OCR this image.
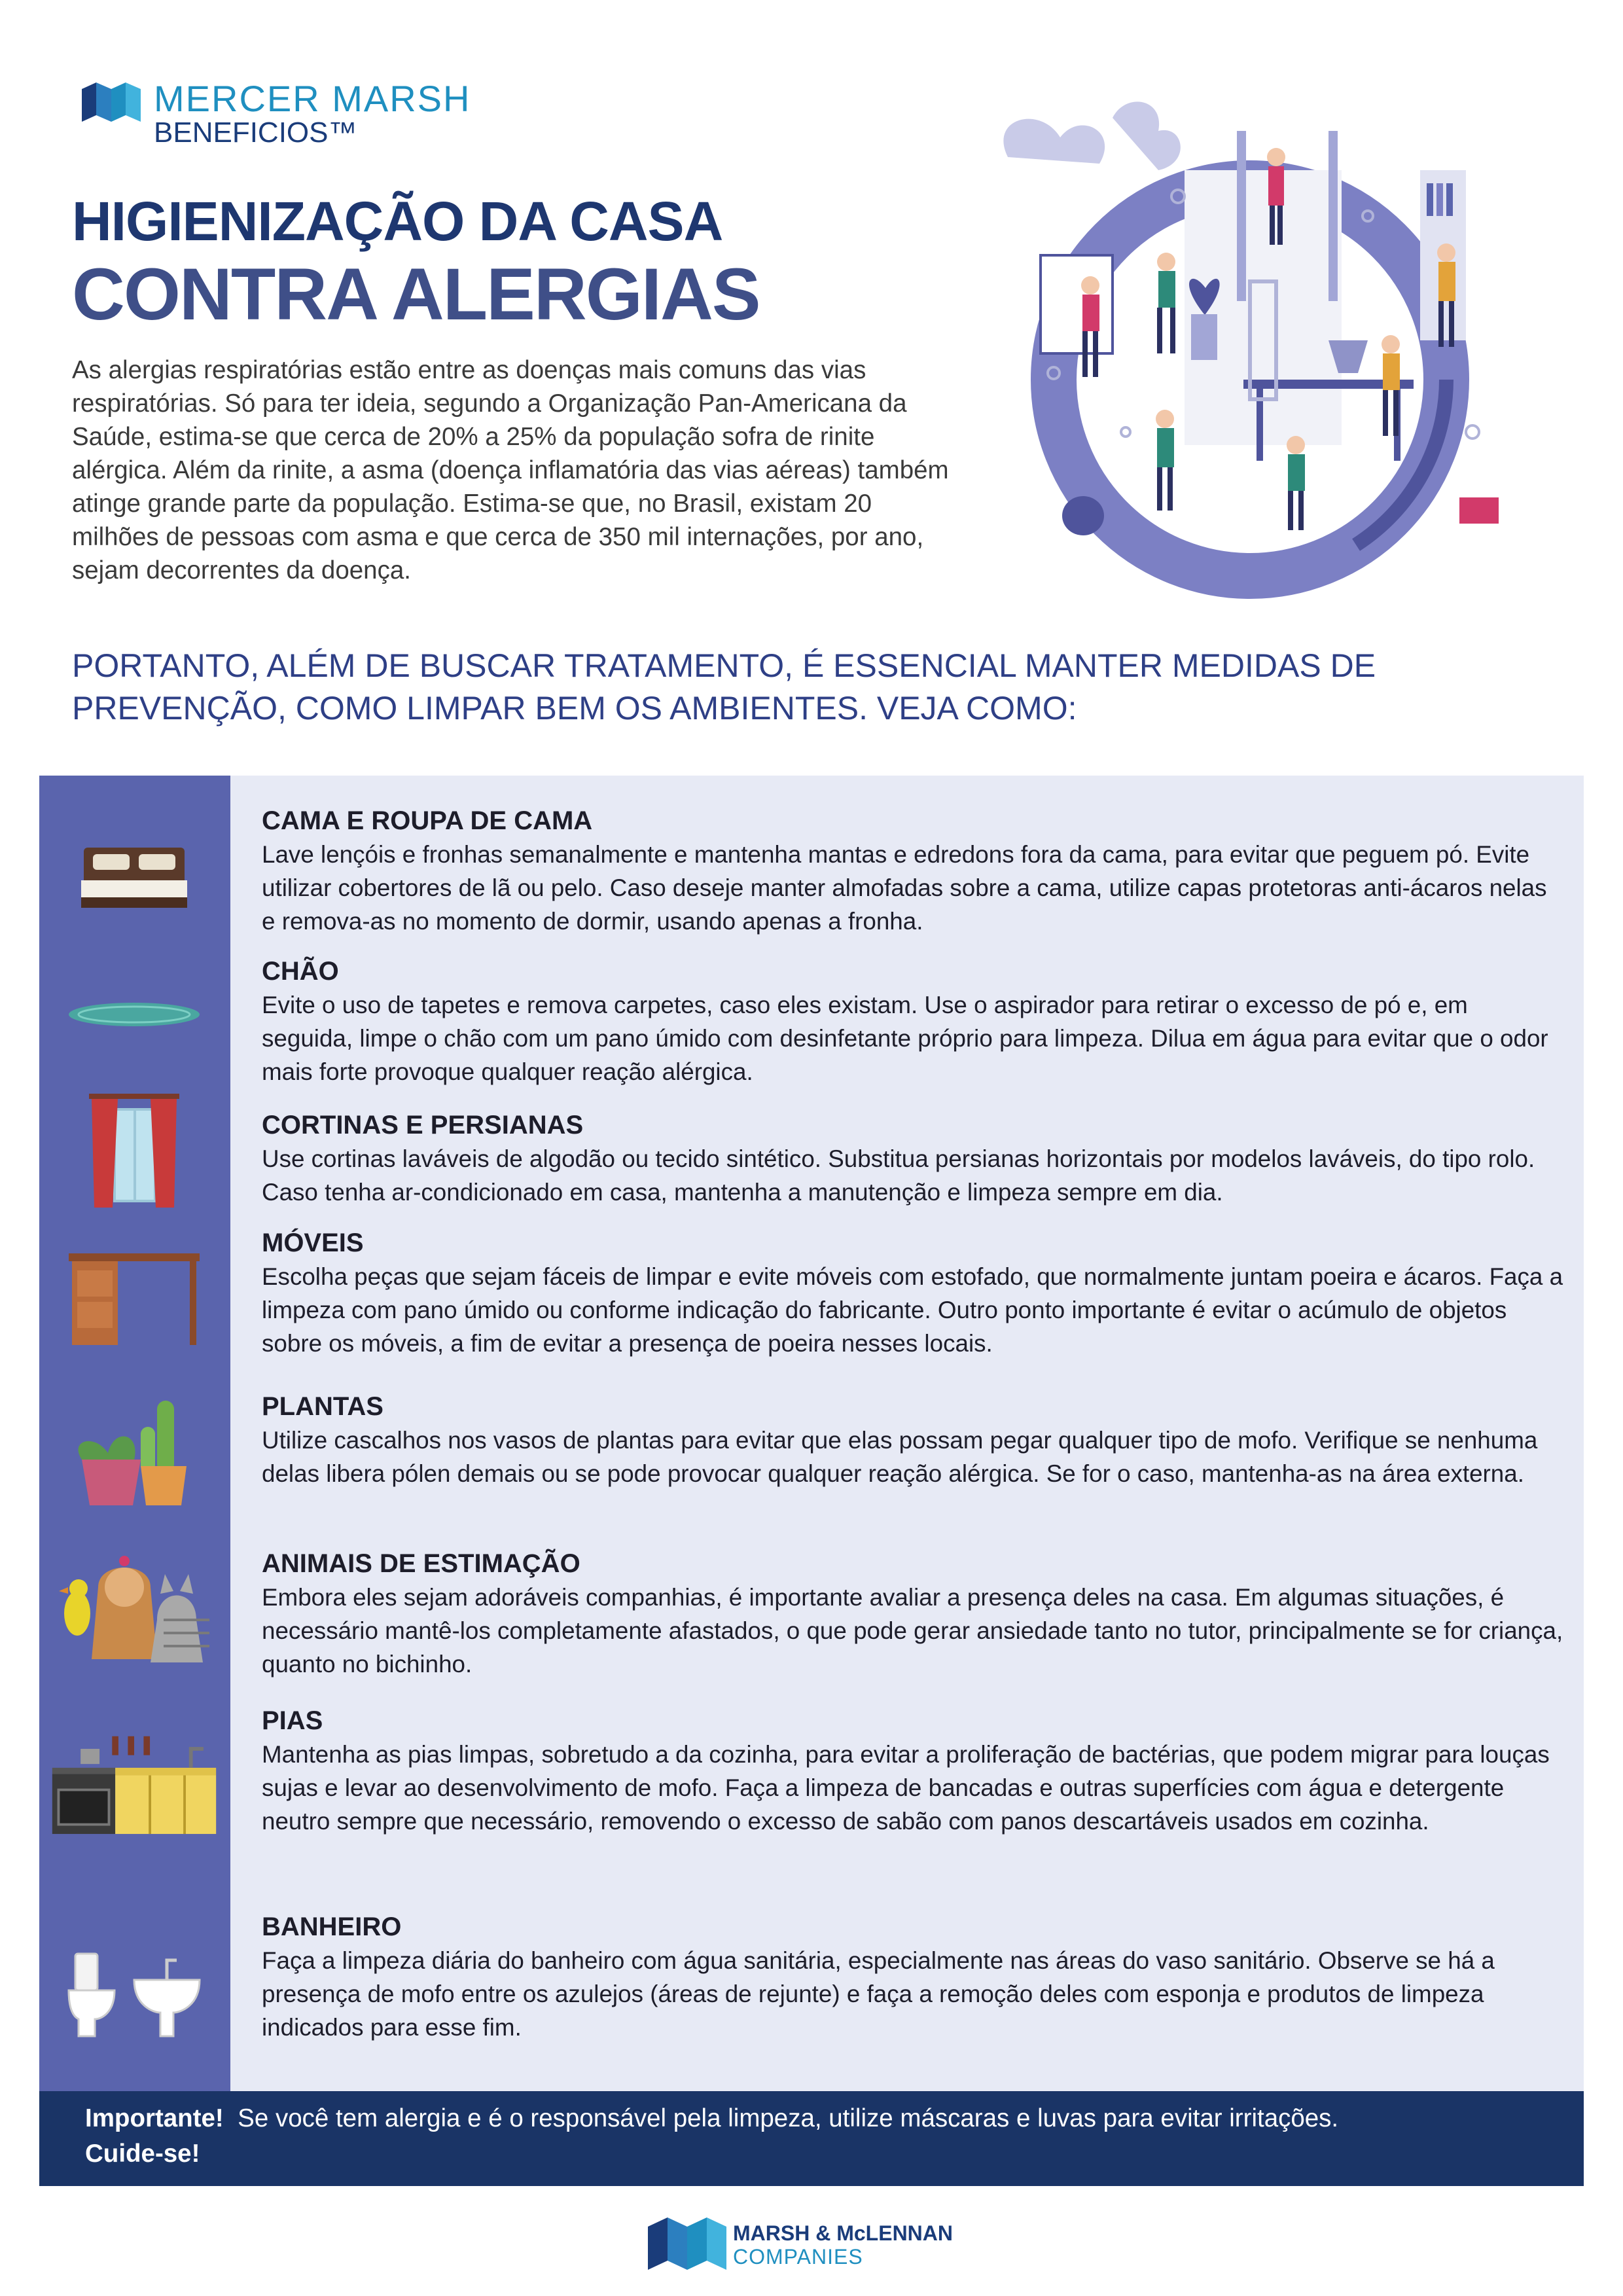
MERCER MARSH
BENEFICIOS™
HIGIENIZAÇÃO DA CASA
CONTRA ALERGIAS
As alergias respiratórias estão entre as doenças mais comuns das vias respiratórias. Só para ter ideia, segundo a Organização Pan-Americana da Saúde, estima-se que cerca de 20% a 25% da população sofra de rinite alérgica. Além da rinite, a asma (doença inflamatória das vias aéreas) também atinge grande parte da população. Estima-se que, no Brasil, existam 20 milhões de pessoas com asma e que cerca de 350 mil internações, por ano, sejam decorrentes da doença.
PORTANTO, ALÉM DE BUSCAR TRATAMENTO, É ESSENCIAL MANTER MEDIDAS DE PREVENÇÃO, COMO LIMPAR BEM OS AMBIENTES. VEJA COMO:
CAMA E ROUPA DE CAMA

Lave lençóis e fronhas semanalmente e mantenha mantas e edredons fora da cama, para evitar que peguem pó. Evite utilizar cobertores de lã ou pelo. Caso deseje manter almofadas sobre a cama, utilize capas protetoras anti-ácaros nelas e remova-as no momento de dormir, usando apenas a fronha.

CHÃO

Evite o uso de tapetes e remova carpetes, caso eles existam. Use o aspirador para retirar o excesso de pó e, em seguida, limpe o chão com um pano úmido com desinfetante próprio para limpeza. Dilua em água para evitar que o odor mais forte provoque qualquer reação alérgica.

CORTINAS E PERSIANAS

Use cortinas laváveis de algodão ou tecido sintético. Substitua persianas horizontais por modelos laváveis, do tipo rolo. Caso tenha ar-condicionado em casa, mantenha a manutenção e limpeza sempre em dia.

MÓVEIS

Escolha peças que sejam fáceis de limpar e evite móveis com estofado, que normalmente juntam poeira e ácaros. Faça a limpeza com pano úmido ou conforme indicação do fabricante. Outro ponto importante é evitar o acúmulo de objetos sobre os móveis, a fim de evitar a presença de poeira nesses locais.

PLANTAS

Utilize cascalhos nos vasos de plantas para evitar que elas possam pegar qualquer tipo de mofo. Verifique se nenhuma delas libera pólen demais ou se pode provocar qualquer reação alérgica. Se for o caso, mantenha-as na área externa.

ANIMAIS DE ESTIMAÇÃO

Embora eles sejam adoráveis companhias, é importante avaliar a presença deles na casa. Em algumas situações, é necessário mantê-los completamente afastados, o que pode gerar ansiedade tanto no tutor, principalmente se for criança, quanto no bichinho.

PIAS

Mantenha as pias limpas, sobretudo a da cozinha, para evitar a proliferação de bactérias, que podem migrar para louças sujas e levar ao desenvolvimento de mofo. Faça a limpeza de bancadas e outras superfícies com água e detergente neutro sempre que necessário, removendo o excesso de sabão com panos descartáveis usados em cozinha.

BANHEIRO

Faça a limpeza diária do banheiro com água sanitária, especialmente nas áreas do vaso sanitário. Observe se há a presença de mofo entre os azulejos (áreas de rejunte) e faça a remoção deles com esponja e produtos de limpeza indicados para esse fim.

Importante! Se você tem alergia e é o responsável pela limpeza, utilize máscaras e luvas para evitar irritações.
Cuide-se!
MARSH & McLENNAN
COMPANIES
